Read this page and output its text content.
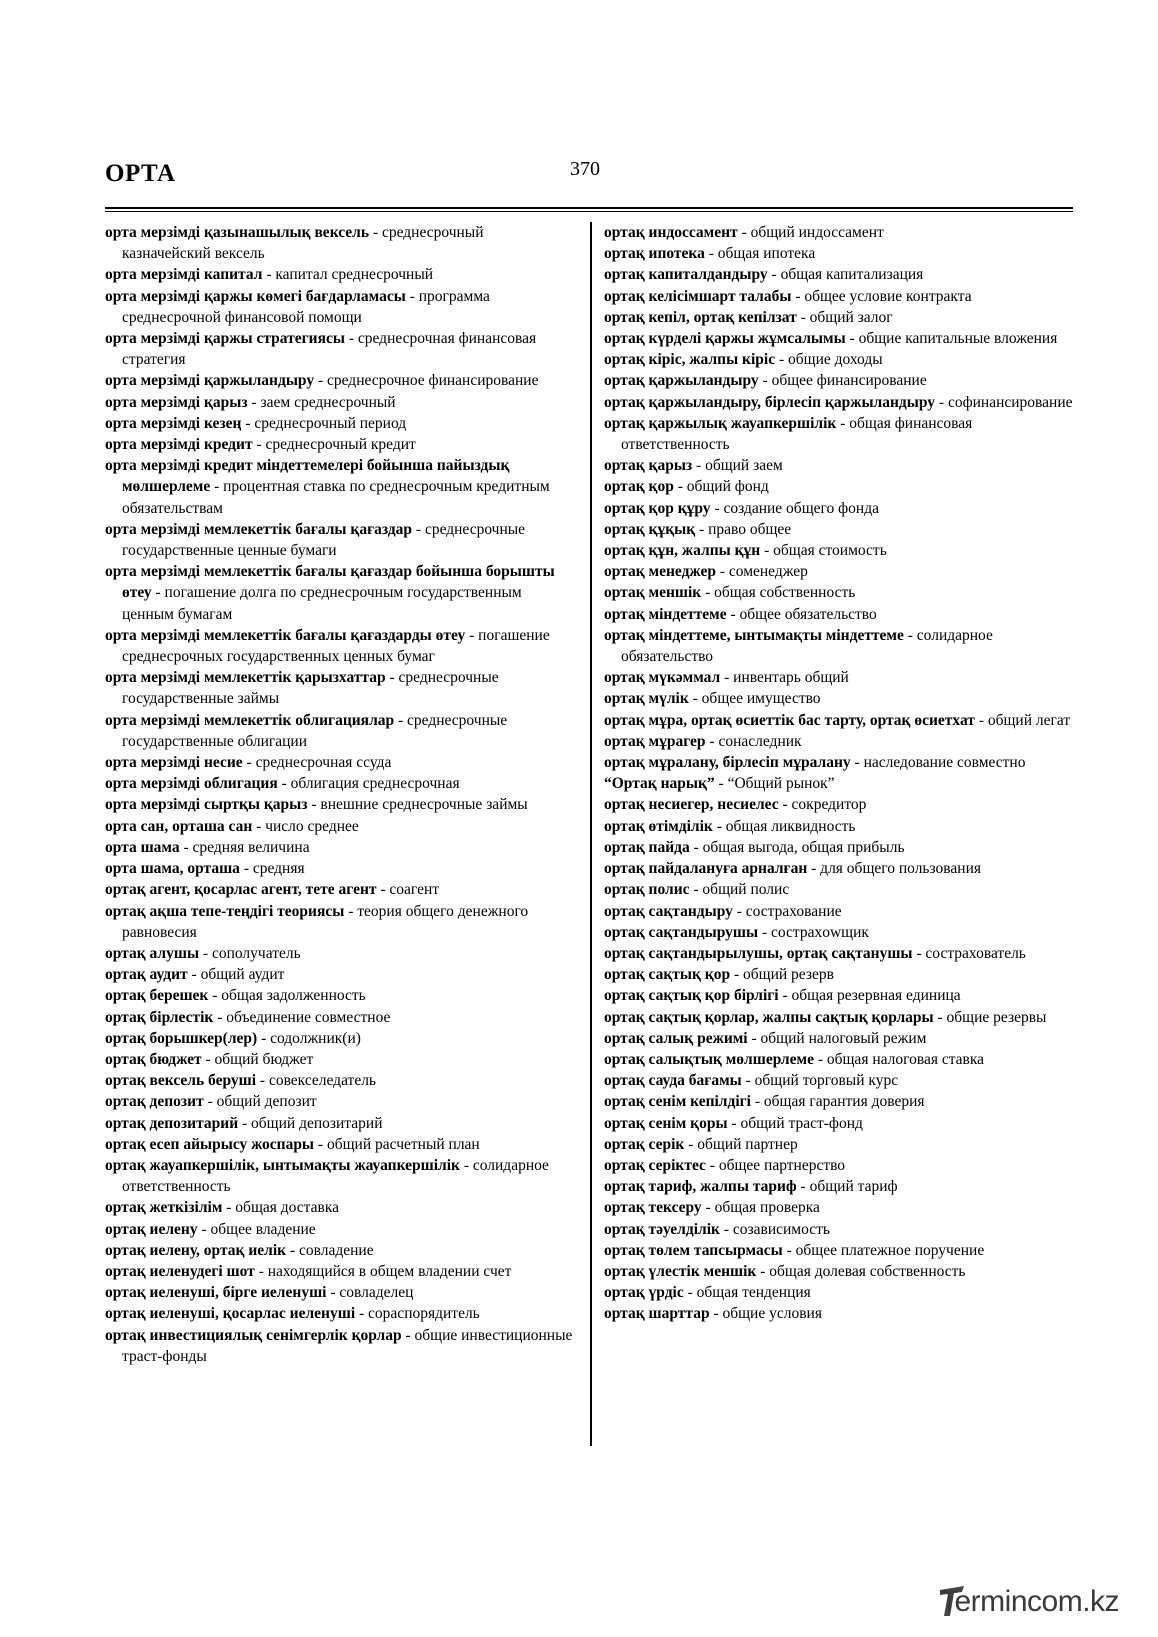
ОРТА	370

орта мерзімді қазынашылық вексель - среднесрочный казначейский вексель

орта мерзімді капитал - капитал среднесрочный

орта мерзімді қаржы көмегі бағдарламасы - программа среднесрочной финансовой помощи

орта мерзімді қаржы стратегиясы - среднесрочная финансовая стратегия

орта мерзімді қаржыландыру - среднесрочное финансирование

орта мерзімді қарыз - заем среднесрочный

орта мерзімді кезең - среднесрочный период

орта мерзімді кредит - среднесрочный кредит

орта мерзімді кредит міндеттемелері бойынша пайыздық мөлшерлеме - процентная ставка по среднесрочным кредитным обязательствам

орта мерзімді мемлекеттік бағалы қағаздар - среднесрочные государственные ценные бумаги

орта мерзімді мемлекеттік бағалы қағаздар бойынша борышты өтеу - погашение долга по среднесрочным государственным ценным бумагам

орта мерзімді мемлекеттік бағалы қағаздарды өтеу - погашение среднесрочных государственных ценных бумаг

орта мерзімді мемлекеттік қарызхаттар - среднесрочные государственные займы

орта мерзімді мемлекеттік облигациялар - среднесрочные государственные облигации

орта мерзімді несие - среднесрочная ссуда

орта мерзімді облигация - облигация среднесрочная

орта мерзімді сыртқы қарыз - внешние среднесрочные займы

орта сан, орташа сан - число среднее

орта шама - средняя величина

орта шама, орташа - средняя

ортақ агент, қосарлас агент, тете агент - соагент

ортақ ақша тепе-теңдігі теориясы - теория общего денежного равновесия

ортақ алушы - сополучатель

ортақ аудит - общий аудит

ортақ берешек - общая задолженность

ортақ бірлестік - объединение совместное

ортақ борышкер(лер) - содолжник(и)

ортақ бюджет - общий бюджет

ортақ вексель беруші - совекселедатель

ортақ депозит - общий депозит

ортақ депозитарий - общий депозитарий

ортақ есеп айырысу жоспары - общий расчетный план

ортақ жауапкершілік, ынтымақты жауапкершілік - солидарное ответственность

ортақ жеткізілім - общая доставка

ортақ иелену - общее владение

ортақ иелену, ортақ иелік - совладение

ортақ иеленудегі шот - находящийся в общем владении счет

ортақ иеленуші, бірге иеленуші - совладелец

ортақ иеленуші, қосарлас иеленуші - сораспорядитель

ортақ инвестициялық сенімгерлік қорлар - общие инвестиционные траст-фонды

ортақ индоссамент - общий индоссамент

ортақ ипотека - общая ипотека

ортақ капиталдандыру - общая капитализация

ортақ келісімшарт талабы - общее условие контракта

ортақ кепіл, ортақ кепілзат - общий залог

ортақ күрделі қаржы жұмсалымы - общие капитальные вложения

ортақ кіріс, жалпы кіріс - общие доходы

ортақ қаржыландыру - общее финансирование

ортақ қаржыландыру, бірлесіп қаржыландыру - софинансирование

ортақ қаржылық жауапкершілік - общая финансовая ответственность

ортақ қарыз - общий заем

ортақ қор - общий фонд

ортақ қор құру - создание общего фонда

ортақ құқық - право общее

ортақ құн, жалпы құн - общая стоимость

ортақ менеджер - соменеджер

ортақ меншік - общая собственность

ортақ міндеттеме - общее обязательство

ортақ міндеттеме, ынтымақты міндеттеме - солидарное обязательство

ортақ мүкәммал - инвентарь общий

ортақ мүлік - общее имущество

ортақ мұра, ортақ өсиеттік бас тарту, ортақ өсиетхат - общий легат

ортақ мұрагер - сонаследник

ортақ мұралану, бірлесіп мұралану - наследование совместно

“Ортақ нарық” - “Общий рынок”

ортақ несиегер, несиелес - сокредитор

ортақ өтімділік - общая ликвидность

ортақ пайда - общая выгода, общая прибыль

ортақ пайдалануға арналған - для общего пользования

ортақ полис - общий полис

ортақ сақтандыру - сострахование

ортақ сақтандырушы - сострахowщик

ортақ сақтандырылушы, ортақ сақтанушы - сострахователь

ортақ сақтық қор - общий резерв

ортақ сақтық қор бірлігі - общая резервная единица

ортақ сақтық қорлар, жалпы сақтық қорлары - общие резервы

ортақ салық режимі - общий налоговый режим

ортақ салықтық мөлшерлеме - общая налоговая ставка

ортақ сауда бағамы - общий торговый курс

ортақ сенім кепілдігі - общая гарантия доверия

ортақ сенім қоры - общий траст-фонд

ортақ серік - общий партнер

ортақ серіктес - общее партнерство

ортақ тариф, жалпы тариф - общий тариф

ортақ тексеру - общая проверка

ортақ тәуелділік - созависимость

ортақ төлем тапсырмасы - общее платежное поручение

ортақ үлестік меншік - общая долевая собственность

ортақ үрдіс - общая тенденция

ортақ шарттар - общие условия

Termincom.kz
